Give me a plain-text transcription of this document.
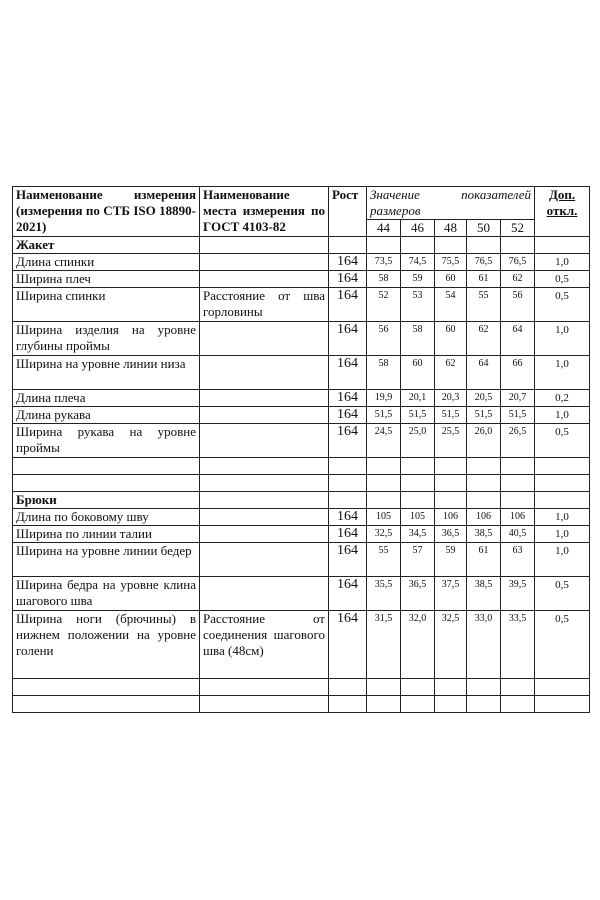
Наименование измерения (измерения по СТБ ISO 18890-2021)	Наименование места измерения по ГОСТ 4103-82	Рост	Значение показателей размеров					Доп. откл.
			44	46	48	50	52	
Жакет								
Длина спинки		164	73,5	74,5	75,5	76,5	76,5	1,0
Ширина плеч		164	58	59	60	61	62	0,5
Ширина спинки	Расстояние от шва горловины	164	52	53	54	55	56	0,5
Ширина изделия на уровне глубины проймы		164	56	58	60	62	64	1,0
Ширина на уровне линии низа		164	58	60	62	64	66	1,0
Длина плеча		164	19,9	20,1	20,3	20,5	20,7	0,2
Длина рукава		164	51,5	51,5	51,5	51,5	51,5	1,0
Ширина рукава на уровне проймы		164	24,5	25,0	25,5	26,0	26,5	0,5

Брюки								
Длина по боковому шву		164	105	105	106	106	106	1,0
Ширина по линии талии		164	32,5	34,5	36,5	38,5	40,5	1,0
Ширина на уровне линии бедер		164	55	57	59	61	63	1,0
Ширина бедра на уровне клина шагового шва		164	35,5	36,5	37,5	38,5	39,5	0,5
Ширина ноги (брючины) в нижнем положении на уровне голени	Расстояние от соединения шагового шва (48см)	164	31,5	32,0	32,5	33,0	33,5	0,5
